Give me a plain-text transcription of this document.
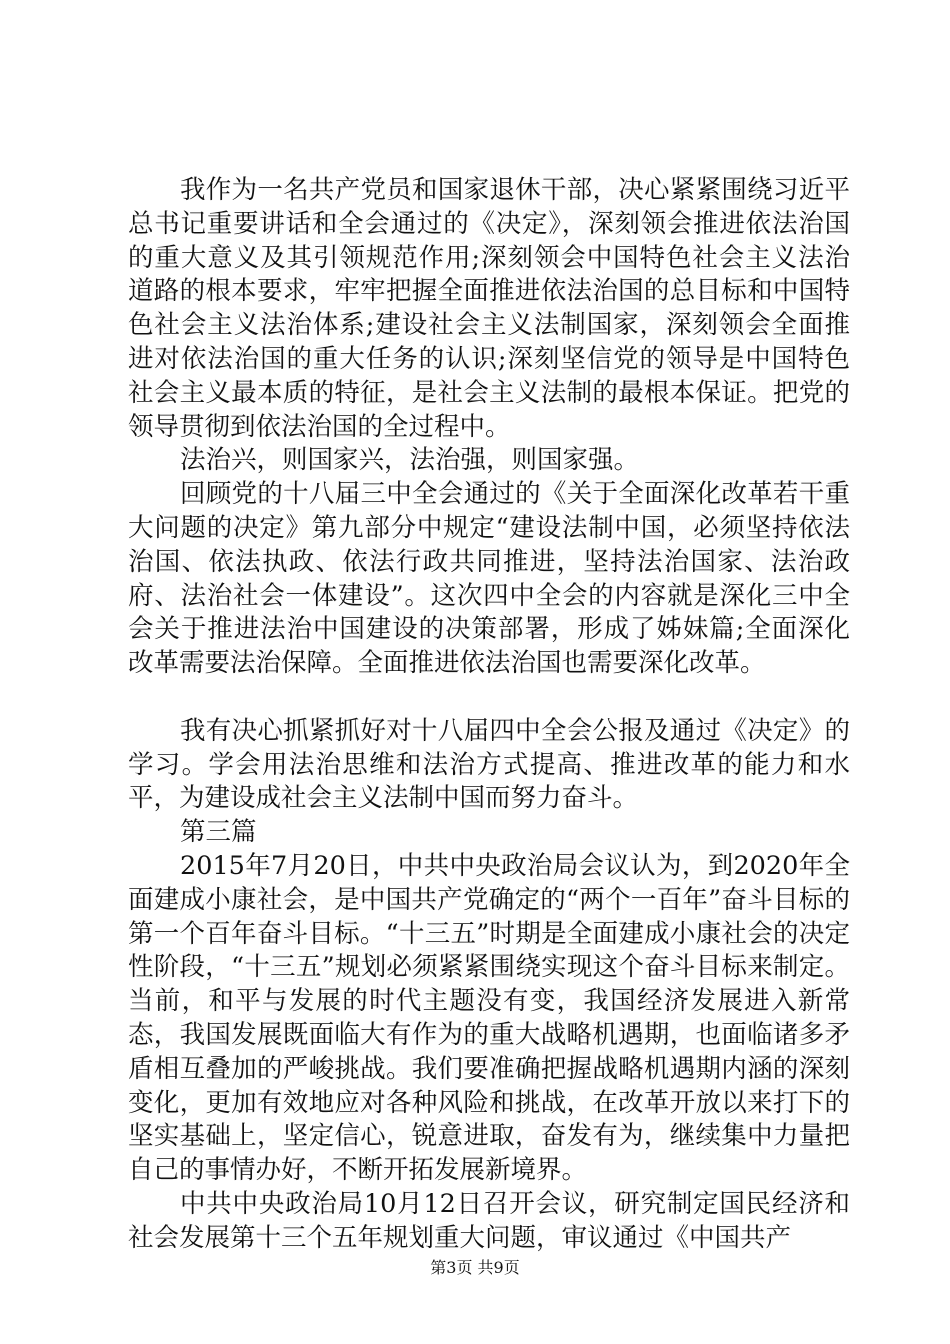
我作为一名共产党员和国家退休干部，决心紧紧围绕习近平总书记重要讲话和全会通过的《决定》，深刻领会推进依法治国的重大意义及其引领规范作用;深刻领会中国特色社会主义法治道路的根本要求，牢牢把握全面推进依法治国的总目标和中国特色社会主义法治体系;建设社会主义法制国家，深刻领会全面推进对依法治国的重大任务的认识;深刻坚信党的领导是中国特色社会主义最本质的特征，是社会主义法制的最根本保证。把党的领导贯彻到依法治国的全过程中。

法治兴，则国家兴，法治强，则国家强。

回顾党的十八届三中全会通过的《关于全面深化改革若干重大问题的决定》第九部分中规定“建设法制中国，必须坚持依法治国、依法执政、依法行政共同推进，坚持法治国家、法治政府、法治社会一体建设”。这次四中全会的内容就是深化三中全会关于推进法治中国建设的决策部署，形成了姊妹篇;全面深化改革需要法治保障。全面推进依法治国也需要深化改革。

我有决心抓紧抓好对十八届四中全会公报及通过《决定》的学习。学会用法治思维和法治方式提高、推进改革的能力和水平，为建设成社会主义法制中国而努力奋斗。

第三篇

2015年7月20日，中共中央政治局会议认为，到2020年全面建成小康社会，是中国共产党确定的“两个一百年”奋斗目标的第一个百年奋斗目标。“十三五”时期是全面建成小康社会的决定性阶段，“十三五”规划必须紧紧围绕实现这个奋斗目标来制定。当前，和平与发展的时代主题没有变，我国经济发展进入新常态，我国发展既面临大有作为的重大战略机遇期，也面临诸多矛盾相互叠加的严峻挑战。我们要准确把握战略机遇期内涵的深刻变化，更加有效地应对各种风险和挑战，在改革开放以来打下的坚实基础上，坚定信心，锐意进取，奋发有为，继续集中力量把自己的事情办好，不断开拓发展新境界。

中共中央政治局10月12日召开会议，研究制定国民经济和社会发展第十三个五年规划重大问题，审议通过《中国共产

第3页 共9页
